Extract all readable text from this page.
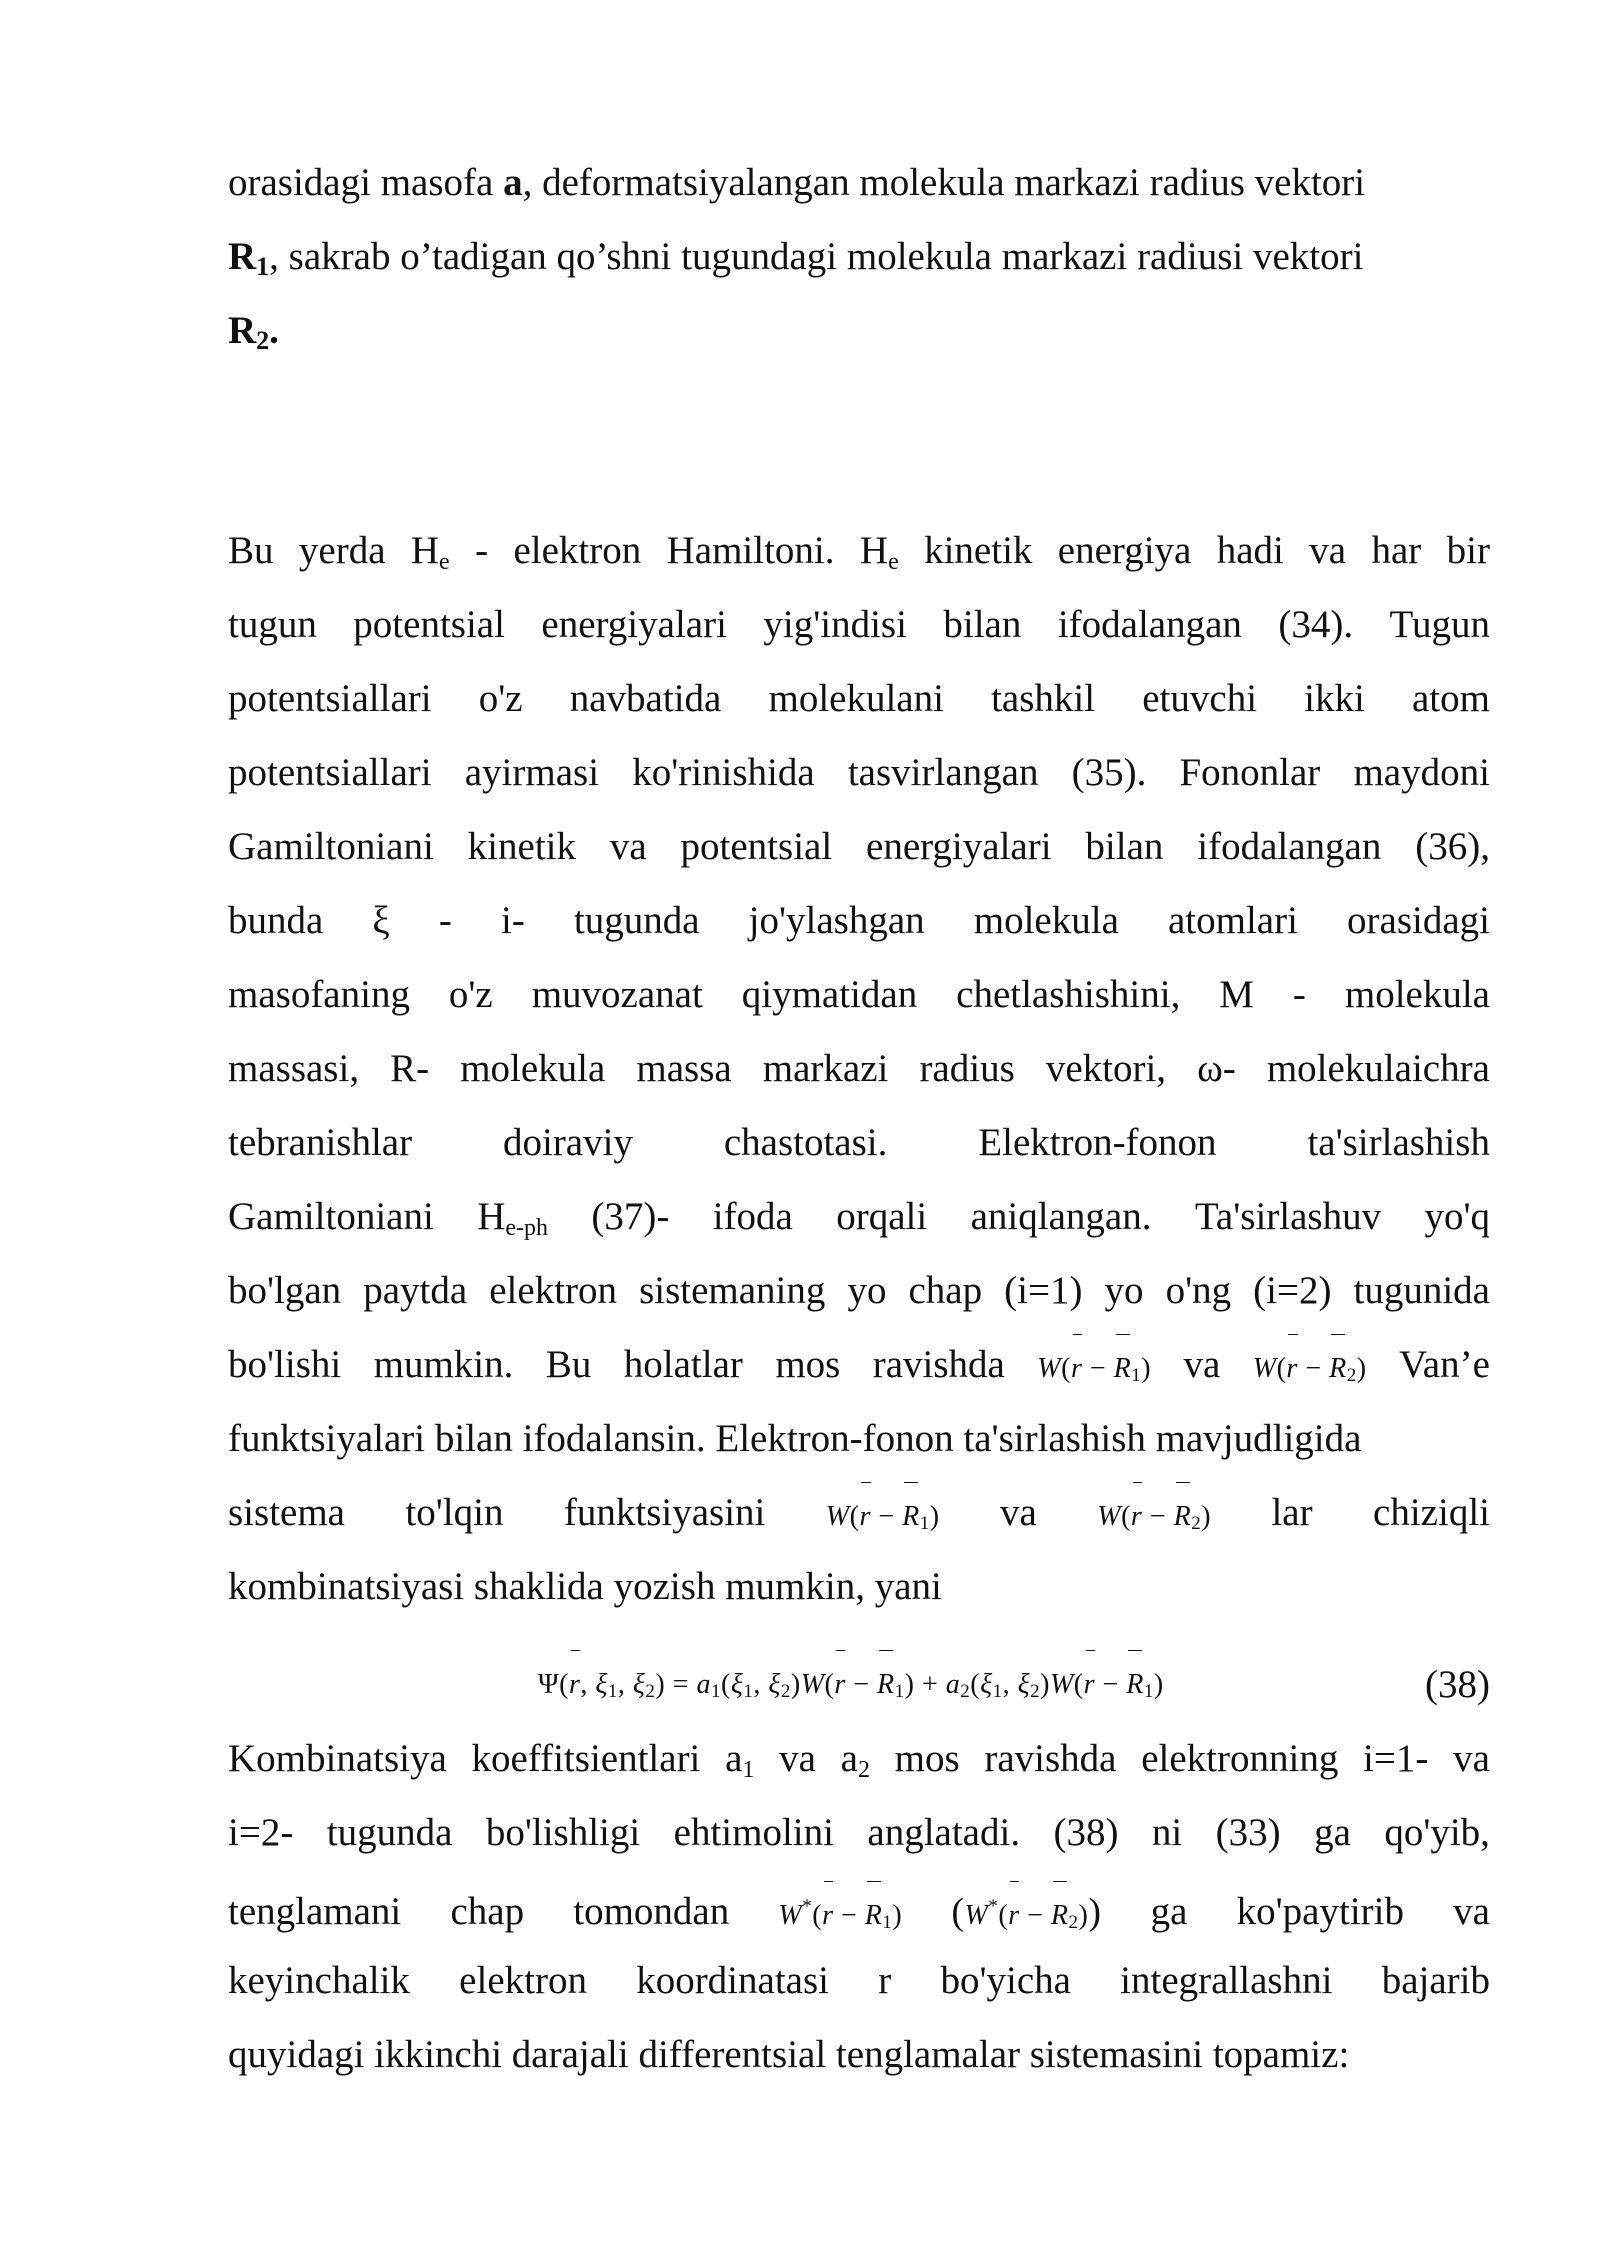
orasidagi masofa a, deformatsiyalangan molekula markazi radius vektori
R1 , sakrab o’tadigan qo’shni tugundagi molekula markazi radiusi vektori
R2.
Bu yerda $H_e$ - elektron Hamiltoni. $H_e$ kinetik energiya hadi va har bir
tugun potentsial energiyalari yig'indisi bilan ifodalangan (34). Tugun
potentsiallari o'z navbatida molekulani tashkil etuvchi ikki atom
potentsiallari ayirmasi ko'rinishida tasvirlangan (35). Fononlar maydoni
Gamiltoniani kinetik va potentsial energiyalari bilan ifodalangan (36),
bunda ξ - i- tugunda jo'ylashgan molekula atomlari orasidagi
masofaning o'z muvozanat qiymatidan chetlashishini, M - molekula
massasi, R- molekula massa markazi radius vektori, ω- molekulaichra
tebranishlar doiraviy chastotasi. Elektron-fonon ta'sirlashish
Gamiltoniani $H_{e-ph}$ (37)- ifoda orqali aniqlangan. Ta'sirlashuv yo'q
bo'lgan paytda elektron sistemaning yo chap (i=1) yo o'ng (i=2) tugunida
bo'lishi mumkin. Bu holatlar mos ravishda W(r − R1) va W(r − R2) Van’e
funktsiyalari bilan ifodalansin. Elektron-fonon ta'sirlashish mavjudligida
sistema to'lqin funktsiyasini W(r − R1) va W(r − R2) lar chiziqli
kombinatsiyasi shaklida yozish mumkin, yani
Ψ(r, ξ1, ξ2) = a1(ξ1, ξ2)W(r − R1) + a2(ξ1, ξ2)W(r − R1)	(38)
Kombinatsiya koeffitsientlari $a_1$ va $a_2$ mos ravishda elektronning i=1- va
i=2- tugunda bo'lishligi ehtimolini anglatadi. (38) ni (33) ga qo'yib,
tenglamani chap tomondan W*(r − R1) (W*(r − R2)) ga ko'paytirib va
keyinchalik elektron koordinatasi r bo'yicha integrallashni bajarib
quyidagi ikkinchi darajali differentsial tenglamalar sistemasini topamiz:
